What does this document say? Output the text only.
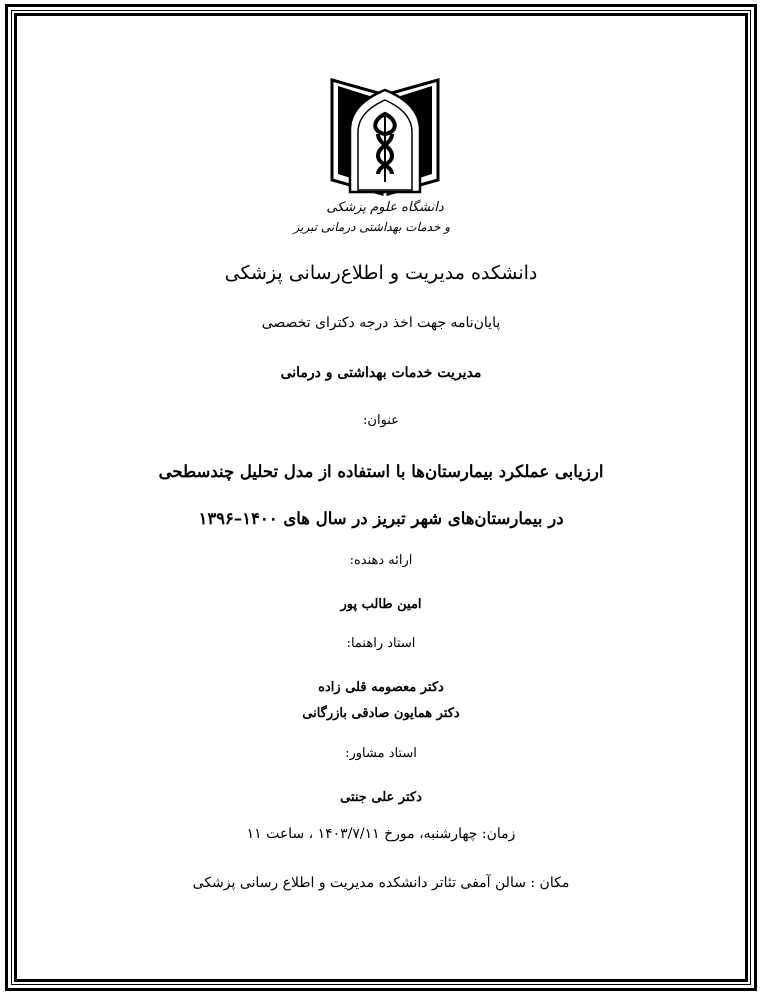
دانشگاه علوم پزشکی
و خدمات بهداشتی درمانی تبریز
دانشکده مدیریت و اطلاع‌رسانی پزشکی
پایان‌نامه جهت اخذ درجه دکترای تخصصی
مدیریت خدمات بهداشتی و درمانی
عنوان:
ارزیابی عملکرد بیمارستان‌ها با استفاده از مدل تحلیل چندسطحی
در بیمارستان‌های شهر تبریز در سال های ۱۴۰۰–۱۳۹۶
ارائه دهنده:
امین طالب پور
استاد راهنما:
دکتر معصومه قلی زاده
دکتر همایون صادقی بازرگانی
استاد مشاور:
دکتر علی جنتی
زمان: چهارشنبه، مورخ ۱۴۰۳/۷/۱۱ ، ساعت ۱۱
مکان : سالن آمفی تئاتر دانشکده مدیریت و اطلاع رسانی پزشکی
